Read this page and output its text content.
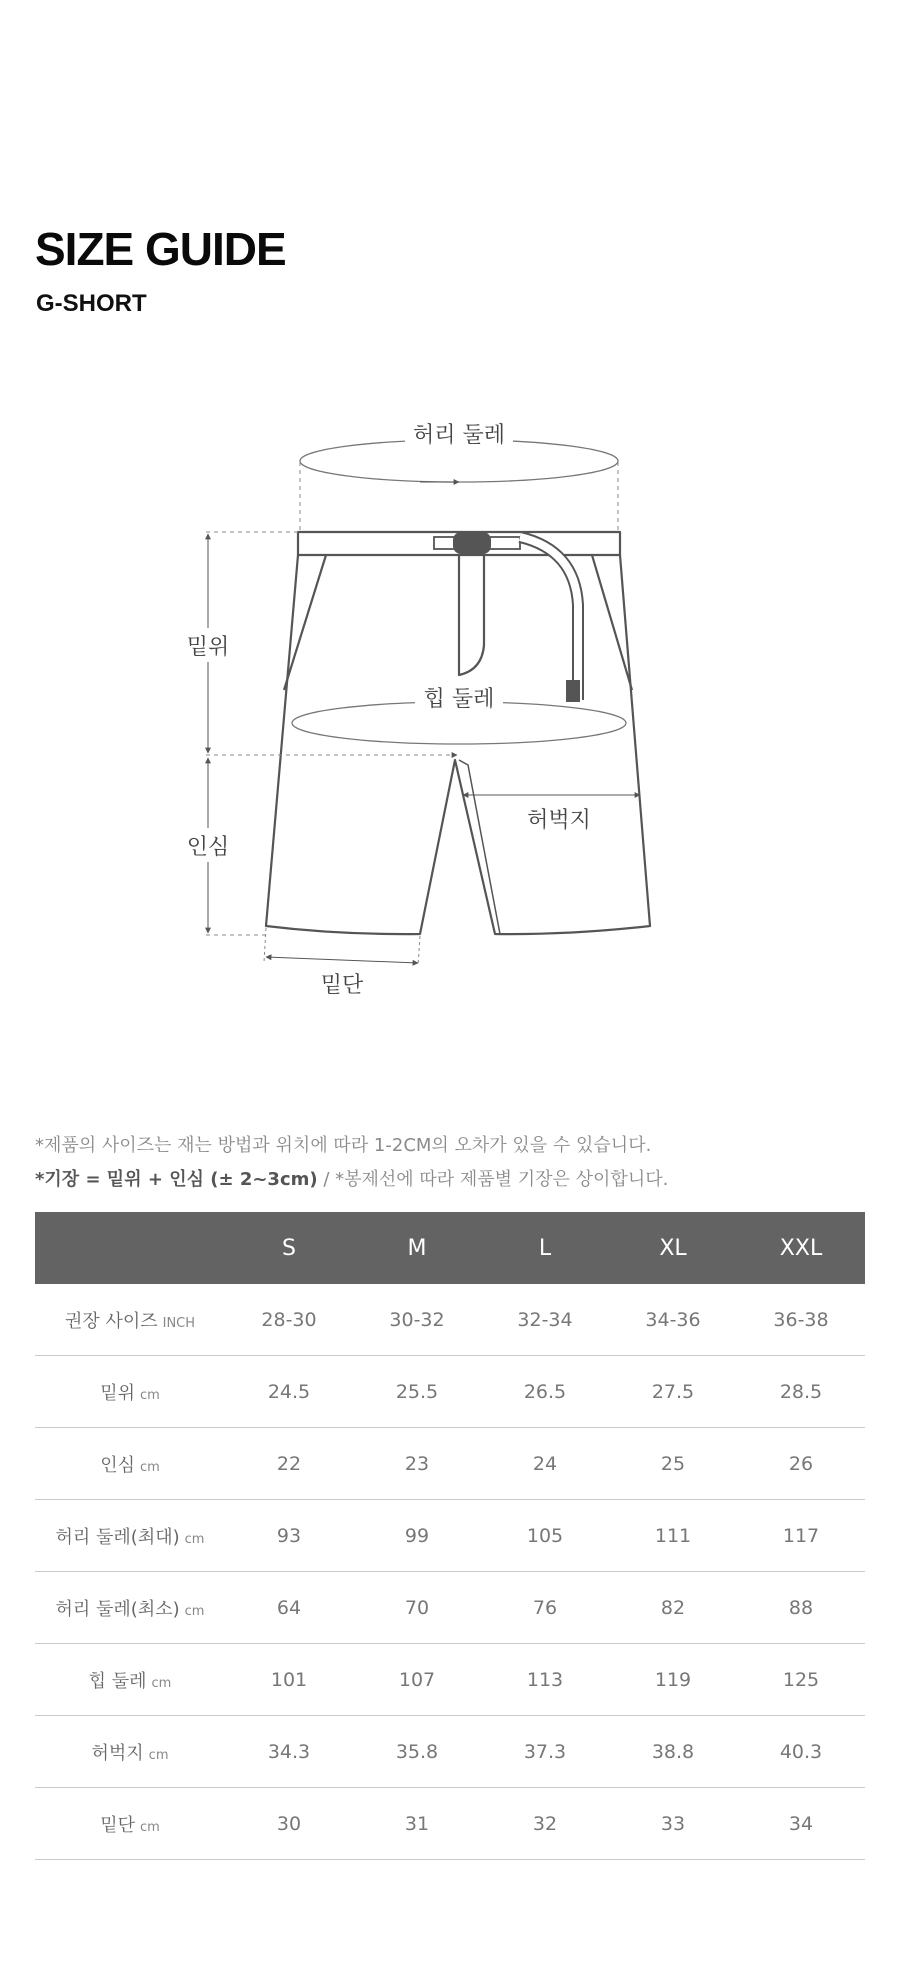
SIZE GUIDE
G-SHORT
허리 둘레
힙 둘레
밑위
인심
허벅지
밑단

*제품의 사이즈는 재는 방법과 위치에 따라 1-2CM의 오차가 있을 수 있습니다.

*기장 = 밑위 + 인심 (± 2~3cm) / *봉제선에 따라 제품별 기장은 상이합니다.

	S	M	L	XL	XXL
권장 사이즈 INCH	28-30	30-32	32-34	34-36	36-38
밑위 cm	24.5	25.5	26.5	27.5	28.5
인심 cm	22	23	24	25	26
허리 둘레(최대) cm	93	99	105	111	117
허리 둘레(최소) cm	64	70	76	82	88
힙 둘레 cm	101	107	113	119	125
허벅지 cm	34.3	35.8	37.3	38.8	40.3
밑단 cm	30	31	32	33	34
